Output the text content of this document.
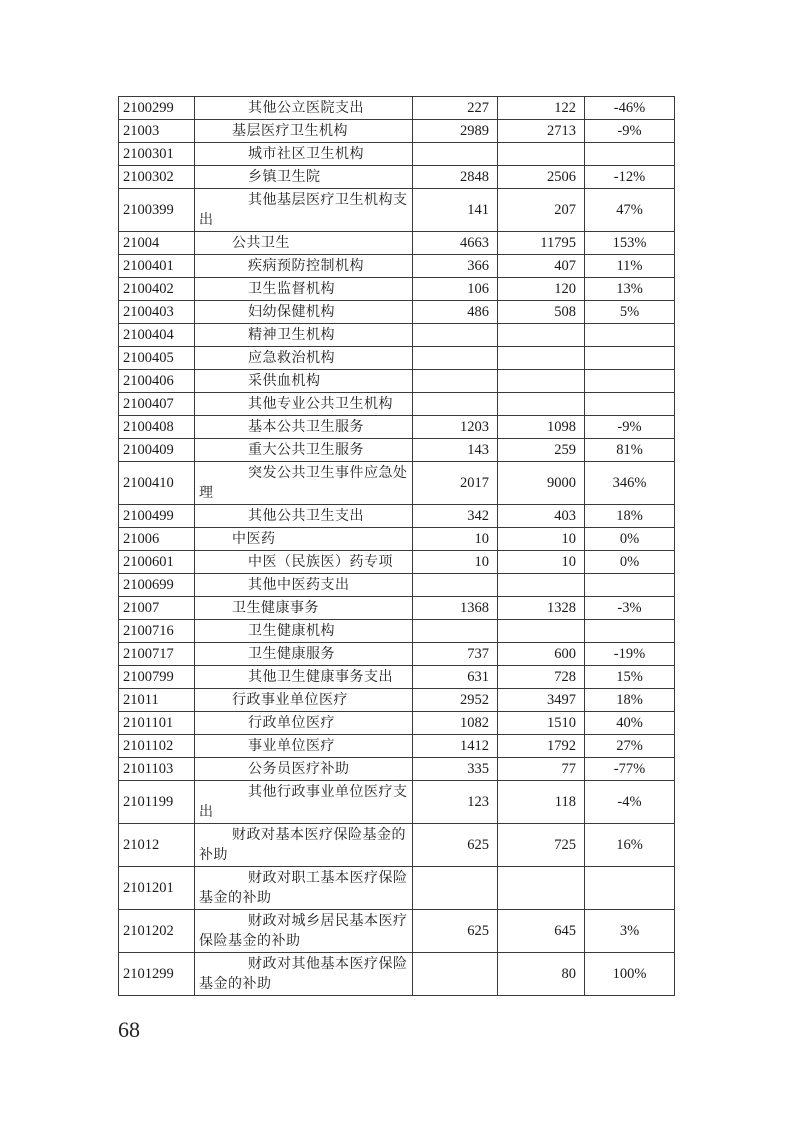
2100299	其他公立医院支出	227	122	-46%
21003	基层医疗卫生机构	2989	2713	-9%
2100301	城市社区卫生机构			

2100302	乡镇卫生院	2848	2506	-12%
2100399	其他基层医疗卫生机构支出	141	207	47%
21004	公共卫生	4663	11795	153%
2100401	疾病预防控制机构	366	407	11%
2100402	卫生监督机构	106	120	13%
2100403	妇幼保健机构	486	508	5%
2100404	精神卫生机构			

2100405	应急救治机构			

2100406	采供血机构			

2100407	其他专业公共卫生机构			

2100408	基本公共卫生服务	1203	1098	-9%
2100409	重大公共卫生服务	143	259	81%
2100410	突发公共卫生事件应急处理	2017	9000	346%
2100499	其他公共卫生支出	342	403	18%
21006	中医药	10	10	0%
2100601	中医（民族医）药专项	10	10	0%
2100699	其他中医药支出			

21007	卫生健康事务	1368	1328	-3%
2100716	卫生健康机构			

2100717	卫生健康服务	737	600	-19%
2100799	其他卫生健康事务支出	631	728	15%
21011	行政事业单位医疗	2952	3497	18%
2101101	行政单位医疗	1082	1510	40%
2101102	事业单位医疗	1412	1792	27%
2101103	公务员医疗补助	335	77	-77%
2101199	其他行政事业单位医疗支出	123	118	-4%
21012	财政对基本医疗保险基金的补助	625	725	16%
2101201	财政对职工基本医疗保险基金的补助			

2101202	财政对城乡居民基本医疗保险基金的补助	625	645	3%
2101299	财政对其他基本医疗保险基金的补助		80	100%
68
